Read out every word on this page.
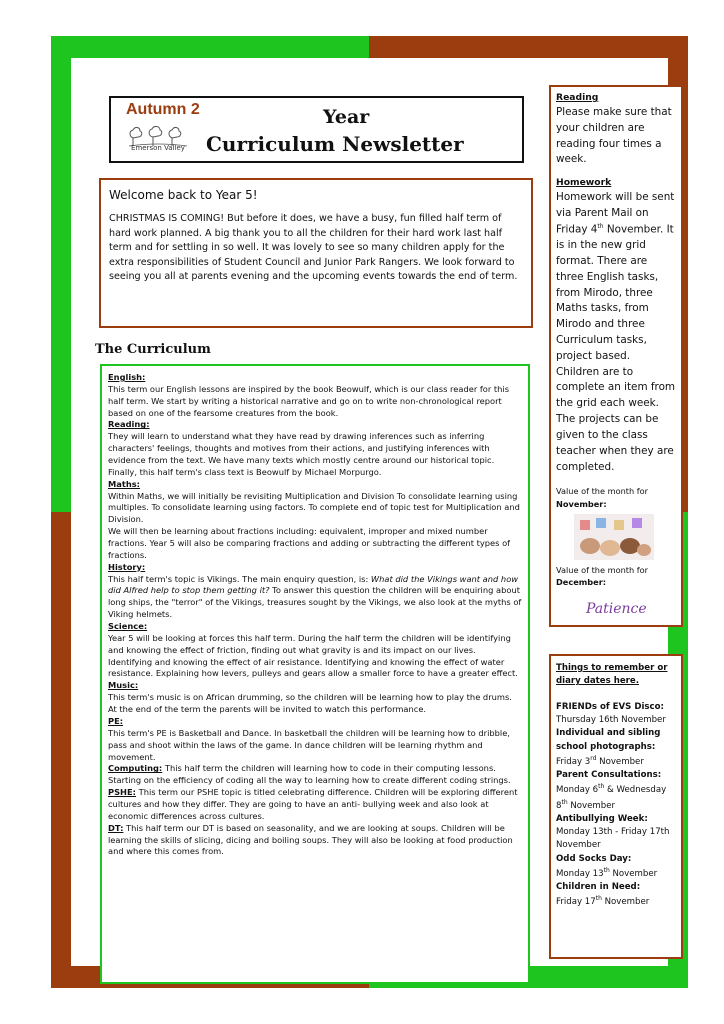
Autumn 2
Emerson Valley
Year
Curriculum Newsletter
Welcome back to Year 5!
CHRISTMAS IS COMING! But before it does, we have a busy, fun filled half term of hard work planned. A big thank you to all the children for their hard work last half term and for settling in so well. It was lovely to see so many children apply for the extra responsibilities of Student Council and Junior Park Rangers. We look forward to seeing you all at parents evening and the upcoming events towards the end of term.
The Curriculum

English:

This term our English lessons are inspired by the book Beowulf, which is our class reader for this half term. We start by writing a historical narrative and go on to write non-chronological report based on one of the fearsome creatures from the book.

Reading:

They will learn to understand what they have read by drawing inferences such as inferring characters' feelings, thoughts and motives from their actions, and justifying inferences with evidence from the text. We have many texts which mostly centre around our historical topic. Finally, this half term's class text is Beowulf by Michael Morpurgo.

Maths:

Within Maths, we will initially be revisiting Multiplication and Division To consolidate learning using multiples. To consolidate learning using factors. To complete end of topic test for Multiplication and Division.

We will then be learning about fractions including: equivalent, improper and mixed number fractions. Year 5 will also be comparing fractions and adding or subtracting the different types of fractions.

History:

This half term's topic is Vikings. The main enquiry question, is: What did the Vikings want and how did Alfred help to stop them getting it? To answer this question the children will be enquiring about long ships, the "terror" of the Vikings, treasures sought by the Vikings, we also look at the myths of Viking helmets.

Science:

Year 5 will be looking at forces this half term. During the half term the children will be identifying and knowing the effect of friction, finding out what gravity is and its impact on our lives. Identifying and knowing the effect of air resistance. Identifying and knowing the effect of water resistance. Explaining how levers, pulleys and gears allow a smaller force to have a greater effect.

Music:

This term's music is on African drumming, so the children will be learning how to play the drums. At the end of the term the parents will be invited to watch this performance.

PE:

This term's PE is Basketball and Dance. In basketball the children will be learning how to dribble, pass and shoot within the laws of the game. In dance children will be learning rhythm and movement.

Computing: This half term the children will learning how to code in their computing lessons. Starting on the efficiency of coding all the way to learning how to create different coding strings.

PSHE: This term our PSHE topic is titled celebrating difference. Children will be exploring different cultures and how they differ. They are going to have an anti- bullying week and also look at economic differences across cultures.

DT: This half term our DT is based on seasonality, and we are looking at soups. Children will be learning the skills of slicing, dicing and boiling soups. They will also be looking at food production and where this comes from.

Reading
Please make sure that your children are reading four times a week.
Homework
Homework will be sent via Parent Mail on Friday 4th November. It is in the new grid format. There are three English tasks, from Mirodo, three Maths tasks, from Mirodo and three Curriculum tasks, project based. Children are to complete an item from the grid each week. The projects can be given to the class teacher when they are completed.
Value of the month for
November:
Value of the month for
December:
Patience
Things to remember or diary dates here.
FRIENDs of EVS Disco:
Thursday 16th November
Individual and sibling school photographs:
Friday 3rd November
Parent Consultations:
Monday 6th & Wednesday 8th November
Antibullying Week:
Monday 13th - Friday 17th November
Odd Socks Day:
Monday 13th November
Children in Need:
Friday 17th November
